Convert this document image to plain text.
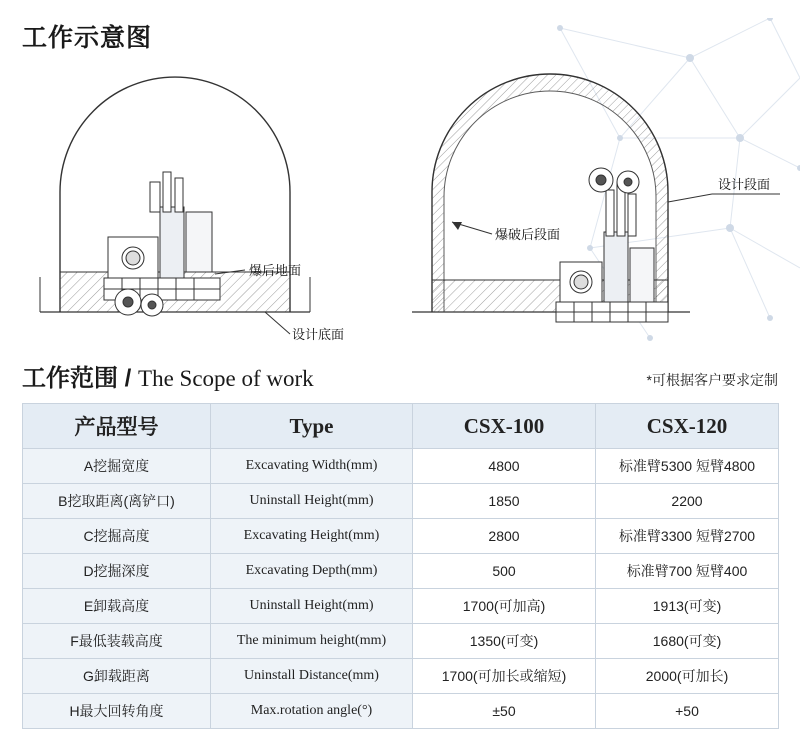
工作示意图
爆后地面
设计底面
爆破后段面
设计段面
工作范围 / The Scope of work	*可根据客户要求定制
产品型号	Type	CSX-100	CSX-120
A挖掘宽度	Excavating Width(mm)	4800	标准臂5300 短臂4800
B挖取距离(离铲口)	Uninstall Height(mm)	1850	2200
C挖掘高度	Excavating Height(mm)	2800	标准臂3300 短臂2700
D挖掘深度	Excavating Depth(mm)	500	标准臂700 短臂400
E卸载高度	Uninstall Height(mm)	1700(可加高)	1913(可变)
F最低装载高度	The minimum height(mm)	1350(可变)	1680(可变)
G卸载距离	Uninstall Distance(mm)	1700(可加长或缩短)	2000(可加长)
H最大回转角度	Max.rotation angle(°)	±50	+50
